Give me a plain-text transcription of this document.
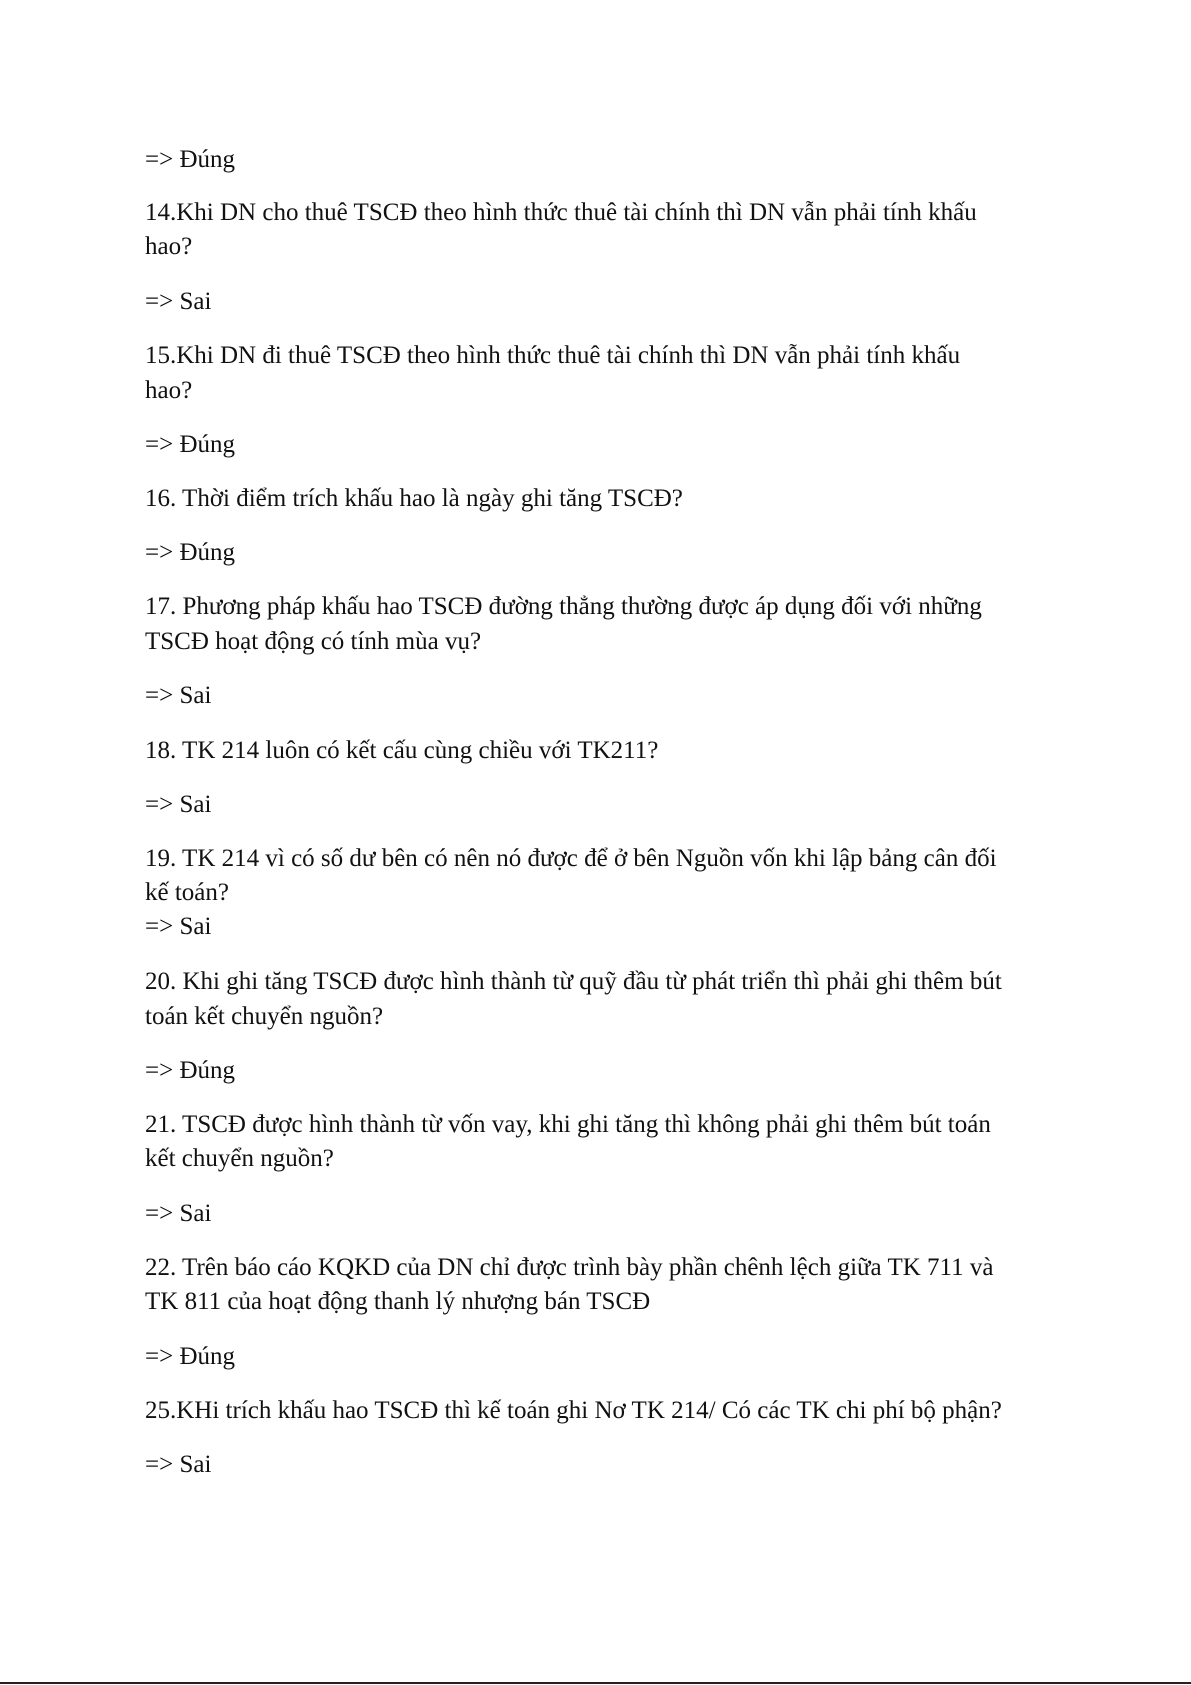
=> Đúng
14.Khi DN cho thuê TSCĐ theo hình thức thuê tài chính thì DN vẫn phải tính khấu
hao?
=> Sai
15.Khi DN đi thuê TSCĐ theo hình thức thuê tài chính thì DN vẫn phải tính khấu
hao?
=> Đúng
16. Thời điểm trích khấu hao là ngày ghi tăng TSCĐ?
=> Đúng
17. Phương pháp khấu hao TSCĐ đường thẳng thường được áp dụng đối với những
TSCĐ hoạt động có tính mùa vụ?
=> Sai
18. TK 214 luôn có kết cấu cùng chiều với TK211?
=> Sai
19. TK 214 vì có số dư bên có nên nó được để ở bên Nguồn vốn khi lập bảng cân đối
kế toán?
=> Sai
20. Khi ghi tăng TSCĐ được hình thành từ quỹ đầu từ phát triển thì phải ghi thêm bút
toán kết chuyển nguồn?
=> Đúng
21. TSCĐ được hình thành từ vốn vay, khi ghi tăng thì không phải ghi thêm bút toán
kết chuyển nguồn?
=> Sai
22. Trên báo cáo KQKD của DN chỉ được trình bày phần chênh lệch giữa TK 711 và
TK 811 của hoạt động thanh lý nhượng bán TSCĐ
=> Đúng
25.KHi trích khấu hao TSCĐ thì kế toán ghi Nơ TK 214/ Có các TK chi phí bộ phận?
=> Sai
